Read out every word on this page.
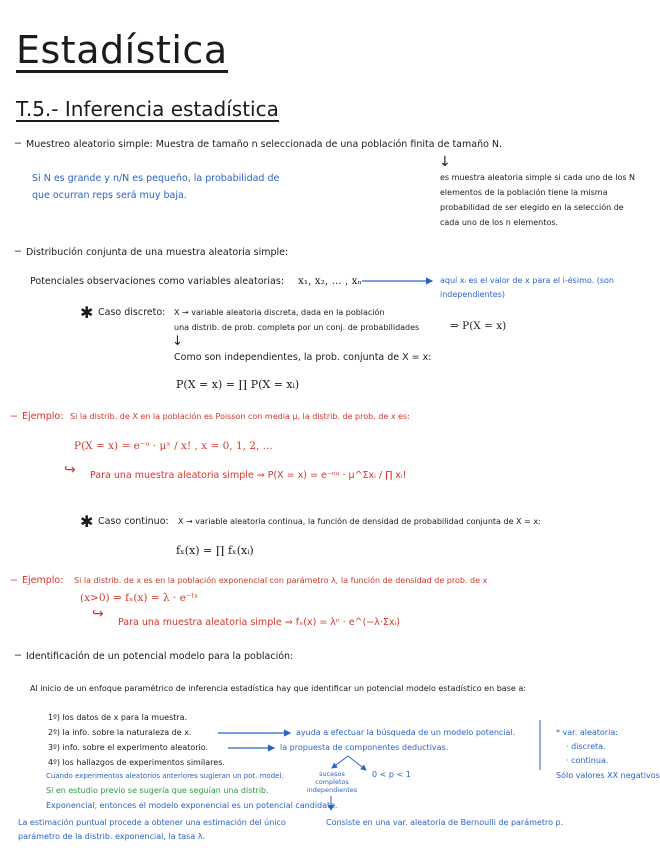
Estadística
T.5.- Inferencia estadística
− Muestreo aleatorio simple: Muestra de tamaño n seleccionada de una población finita de tamaño N.
Si N es grande y n/N es pequeño, la probabilidad de que ocurran reps será muy baja.
↓
es muestra aleatoria simple si cada uno de los N elementos de la población tiene la misma probabilidad de ser elegido en la selección de cada uno de los n elementos.
− Distribución conjunta de una muestra aleatoria simple:
Potenciales observaciones como variables aleatorias: x₁, x₂, ... , xₙ	aquí xᵢ es el valor de x para el i-ésimo. (son independientes)
✱ Caso discreto: X → variable aleatoria discreta, dada en la población
una distrib. de prob. completa por un conj. de probabilidades	⇒ P(X = x)
↓
Como son independientes, la prob. conjunta de X = x:
P(X = x) = ∏ P(X = xᵢ)
− Ejemplo: Si la distrib. de X en la población es Poisson con media μ, la distrib. de prob. de x es:
P(X = x) = e⁻ᵘ · μˣ / x! , x = 0, 1, 2, ...
↪ Para una muestra aleatoria simple ⇒ P(X = x) = e⁻ⁿᵘ · μ^Σxᵢ / ∏ xᵢ!
✱ Caso continuo: X → variable aleatoria continua, la función de densidad de probabilidad conjunta de X = x:
fₓ(x) = ∏ fₓ(xᵢ)
− Ejemplo: Si la distrib. de x es en la población exponencial con parámetro λ, la función de densidad de prob. de x
(x>0) ⇒ fₓ(x) = λ · e⁻ˡˣ
↪
Para una muestra aleatoria simple ⇒ fₓ(x) = λⁿ · e^(−λ·Σxᵢ)
− Identificación de un potencial modelo para la población:
Al inicio de un enfoque paramétrico de inferencia estadística hay que identificar un potencial modelo estadístico en base a:
1º) los datos de x para la muestra.
2º) la info. sobre la naturaleza de x.
3º) info. sobre el experimento aleatorio.
4º) los hallazgos de experimentos similares.
ayuda a efectuar la búsqueda de un modelo potencial.
la propuesta de componentes deductivas.
* var. aleatoria:
· discreta.
· continua.
Sólo valores XX negativos
sucesos completos independientes
0 < p < 1
Cuando experimentos aleatorios anteriores sugieran un pot. model.
Si en estudio previo se sugería que seguían una distrib.
Exponencial, entonces el modelo exponencial es un potencial candidato.
La estimación puntual procede a obtener una estimación del único parámetro de la distrib. exponencial, la tasa λ.
Consiste en una var. aleatoria de Bernoulli de parámetro p.
